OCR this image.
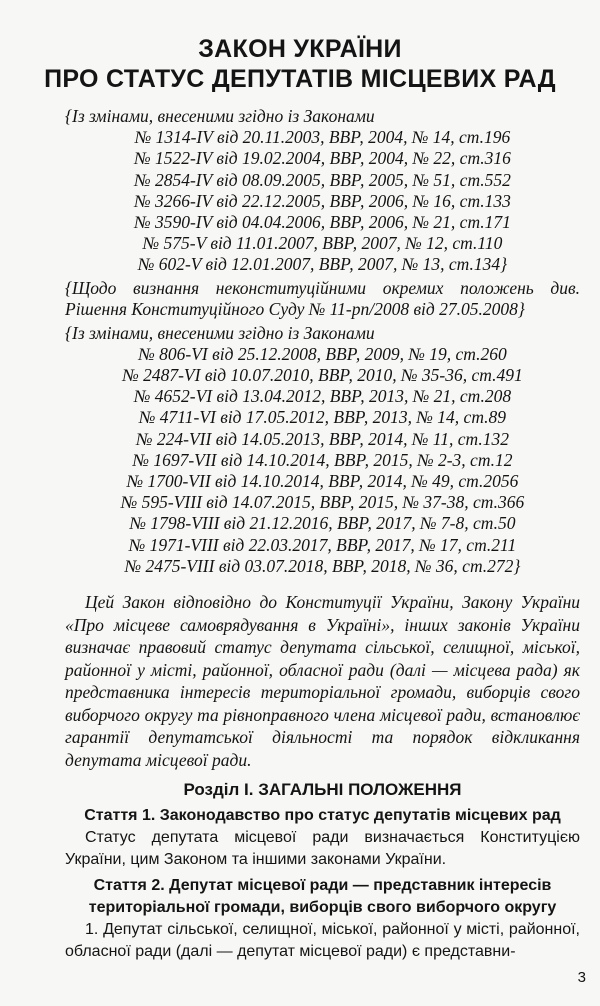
ЗАКОН УКРАЇНИ
ПРО СТАТУС ДЕПУТАТІВ МІСЦЕВИХ РАД
{Із змінами, внесеними згідно із Законами
№ 1314-IV від 20.11.2003, ВВР, 2004, № 14, ст.196
№ 1522-IV від 19.02.2004, ВВР, 2004, № 22, ст.316
№ 2854-IV від 08.09.2005, ВВР, 2005, № 51, ст.552
№ 3266-IV від 22.12.2005, ВВР, 2006, № 16, ст.133
№ 3590-IV від 04.04.2006, ВВР, 2006, № 21, ст.171
№ 575-V від 11.01.2007, ВВР, 2007, № 12, ст.110
№ 602-V від 12.01.2007, ВВР, 2007, № 13, ст.134}
{Щодо визнання неконституційними окремих положень див. Рішення Конституційного Суду № 11-рп/2008 від 27.05.2008}
{Із змінами, внесеними згідно із Законами
№ 806-VI від 25.12.2008, ВВР, 2009, № 19, ст.260
№ 2487-VI від 10.07.2010, ВВР, 2010, № 35-36, ст.491
№ 4652-VI від 13.04.2012, ВВР, 2013, № 21, ст.208
№ 4711-VI від 17.05.2012, ВВР, 2013, № 14, ст.89
№ 224-VII від 14.05.2013, ВВР, 2014, № 11, ст.132
№ 1697-VII від 14.10.2014, ВВР, 2015, № 2-3, ст.12
№ 1700-VII від 14.10.2014, ВВР, 2014, № 49, ст.2056
№ 595-VIII від 14.07.2015, ВВР, 2015, № 37-38, ст.366
№ 1798-VIII від 21.12.2016, ВВР, 2017, № 7-8, ст.50
№ 1971-VIII від 22.03.2017, ВВР, 2017, № 17, ст.211
№ 2475-VIII від 03.07.2018, ВВР, 2018, № 36, ст.272}
Цей Закон відповідно до Конституції України, Закону України «Про місцеве самоврядування в Україні», інших законів України визначає правовий статус депутата сільської, селищної, міської, районної у місті, районної, обласної ради (далі — місцева рада) як представника інтересів територіальної громади, виборців свого виборчого округу та рівноправного члена місцевої ради, встановлює гарантії депутатської діяльності та порядок відкликання депутата місцевої ради.
Розділ I. ЗАГАЛЬНІ ПОЛОЖЕННЯ
Стаття 1. Законодавство про статус депутатів місцевих рад
Статус депутата місцевої ради визначається Конституцією України, цим Законом та іншими законами України.
Стаття 2. Депутат місцевої ради — представник інтересів територіальної громади, виборців свого виборчого округу
1. Депутат сільської, селищної, міської, районної у місті, районної, обласної ради (далі — депутат місцевої ради) є представни-
3
